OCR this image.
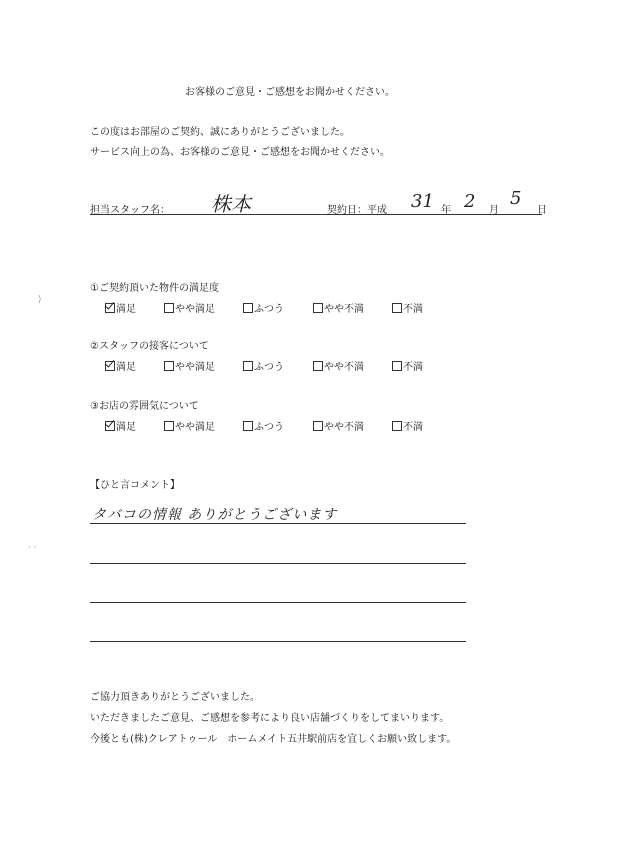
お客様のご意見・ご感想をお聞かせください。
この度はお部屋のご契約、誠にありがとうございました。
サービス向上の為、お客様のご意見・ご感想をお聞かせください。
担当スタッフ名： 株本	契約日：平成 31 年 2 月
5
日
①ご契約頂いた物件の満足度
満足	やや満足	ふつう	やや不満	不満
②スタッフの接客について
満足	やや満足	ふつう	やや不満	不満
③お店の雰囲気について
満足	やや満足	ふつう	やや不満	不満
⟩
· ·
【ひと言コメント】
タバコの情報 ありがとうございます
ご協力頂きありがとうございました。
いただきましたご意見、ご感想を参考により良い店舗づくりをしてまいります。
今後とも(株)クレアトゥール　ホームメイト五井駅前店を宜しくお願い致します。
